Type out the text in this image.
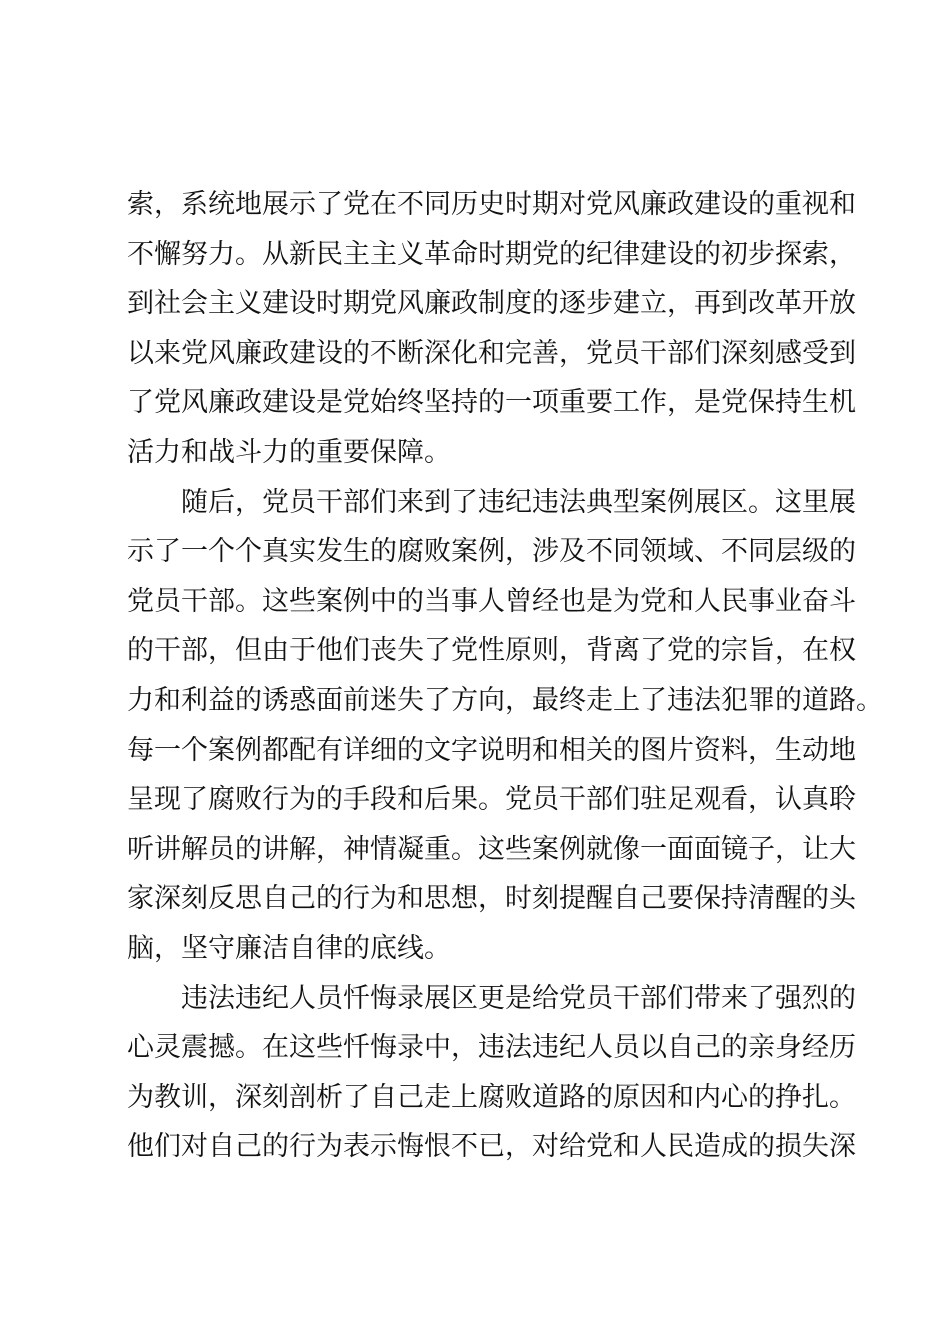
索，系统地展示了党在不同历史时期对党风廉政建设的重视和
不懈努力。从新民主主义革命时期党的纪律建设的初步探索，
到社会主义建设时期党风廉政制度的逐步建立，再到改革开放
以来党风廉政建设的不断深化和完善，党员干部们深刻感受到
了党风廉政建设是党始终坚持的一项重要工作，是党保持生机
活力和战斗力的重要保障。
　　随后，党员干部们来到了违纪违法典型案例展区。这里展
示了一个个真实发生的腐败案例，涉及不同领域、不同层级的
党员干部。这些案例中的当事人曾经也是为党和人民事业奋斗
的干部，但由于他们丧失了党性原则，背离了党的宗旨，在权
力和利益的诱惑面前迷失了方向，最终走上了违法犯罪的道路。
每一个案例都配有详细的文字说明和相关的图片资料，生动地
呈现了腐败行为的手段和后果。党员干部们驻足观看，认真聆
听讲解员的讲解，神情凝重。这些案例就像一面面镜子，让大
家深刻反思自己的行为和思想，时刻提醒自己要保持清醒的头
脑，坚守廉洁自律的底线。
　　违法违纪人员忏悔录展区更是给党员干部们带来了强烈的
心灵震撼。在这些忏悔录中，违法违纪人员以自己的亲身经历
为教训，深刻剖析了自己走上腐败道路的原因和内心的挣扎。
他们对自己的行为表示悔恨不已，对给党和人民造成的损失深
